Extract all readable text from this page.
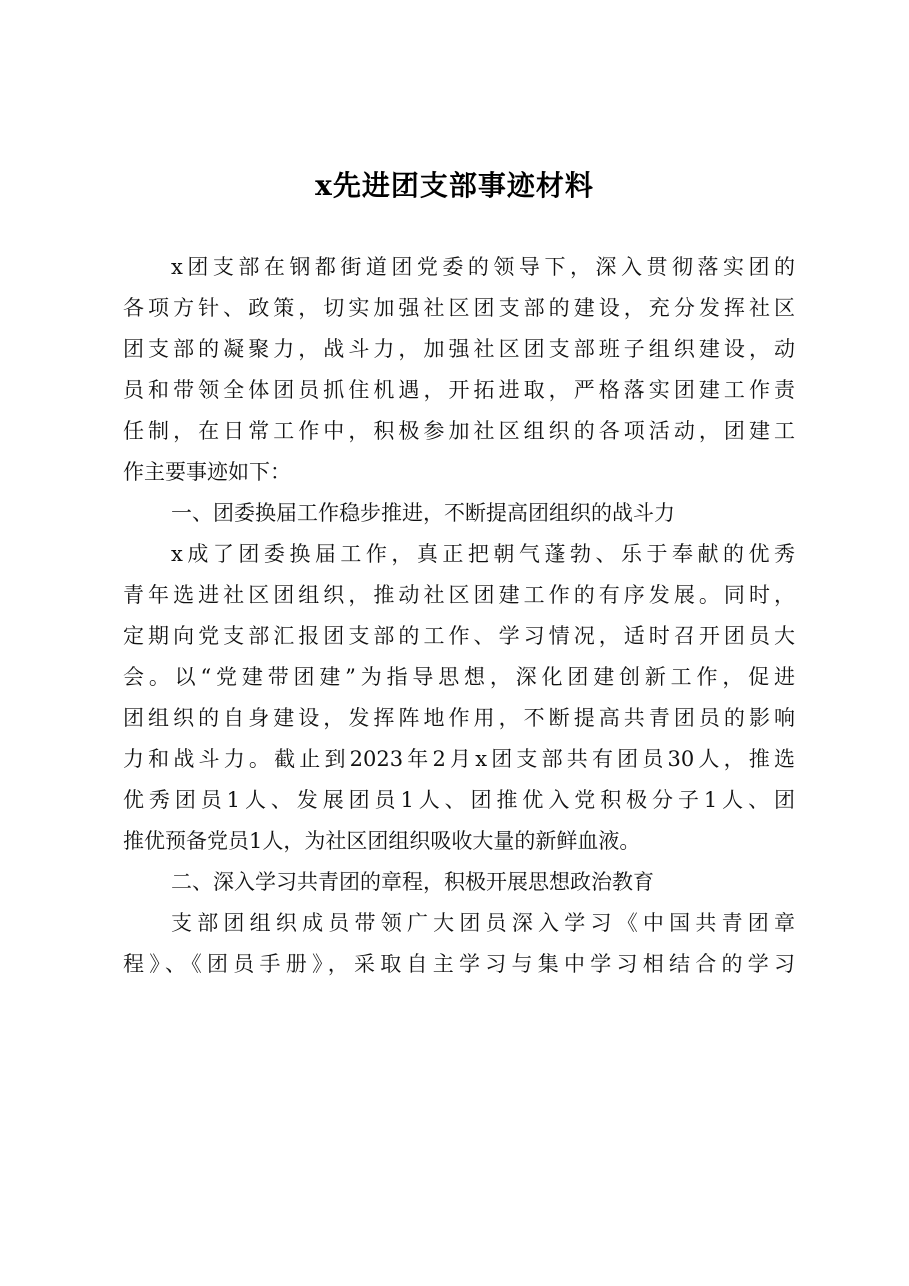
x先进团支部事迹材料
x团支部在钢都街道团党委的领导下，深入贯彻落实团的
各项方针、政策，切实加强社区团支部的建设，充分发挥社区
团支部的凝聚力，战斗力，加强社区团支部班子组织建设，动
员和带领全体团员抓住机遇，开拓进取，严格落实团建工作责
任制，在日常工作中，积极参加社区组织的各项活动，团建工
作主要事迹如下：
一、团委换届工作稳步推进，不断提高团组织的战斗力
x成了团委换届工作，真正把朝气蓬勃、乐于奉献的优秀
青年选进社区团组织，推动社区团建工作的有序发展。同时，
定期向党支部汇报团支部的工作、学习情况，适时召开团员大
会。以“党建带团建”为指导思想，深化团建创新工作，促进
团组织的自身建设，发挥阵地作用，不断提高共青团员的影响
力和战斗力。截止到2023年2月x团支部共有团员30人，推选
优秀团员1人、发展团员1人、团推优入党积极分子1人、团
推优预备党员1人，为社区团组织吸收大量的新鲜血液。
二、深入学习共青团的章程，积极开展思想政治教育
支部团组织成员带领广大团员深入学习《中国共青团章
程》、《团员手册》，采取自主学习与集中学习相结合的学习
